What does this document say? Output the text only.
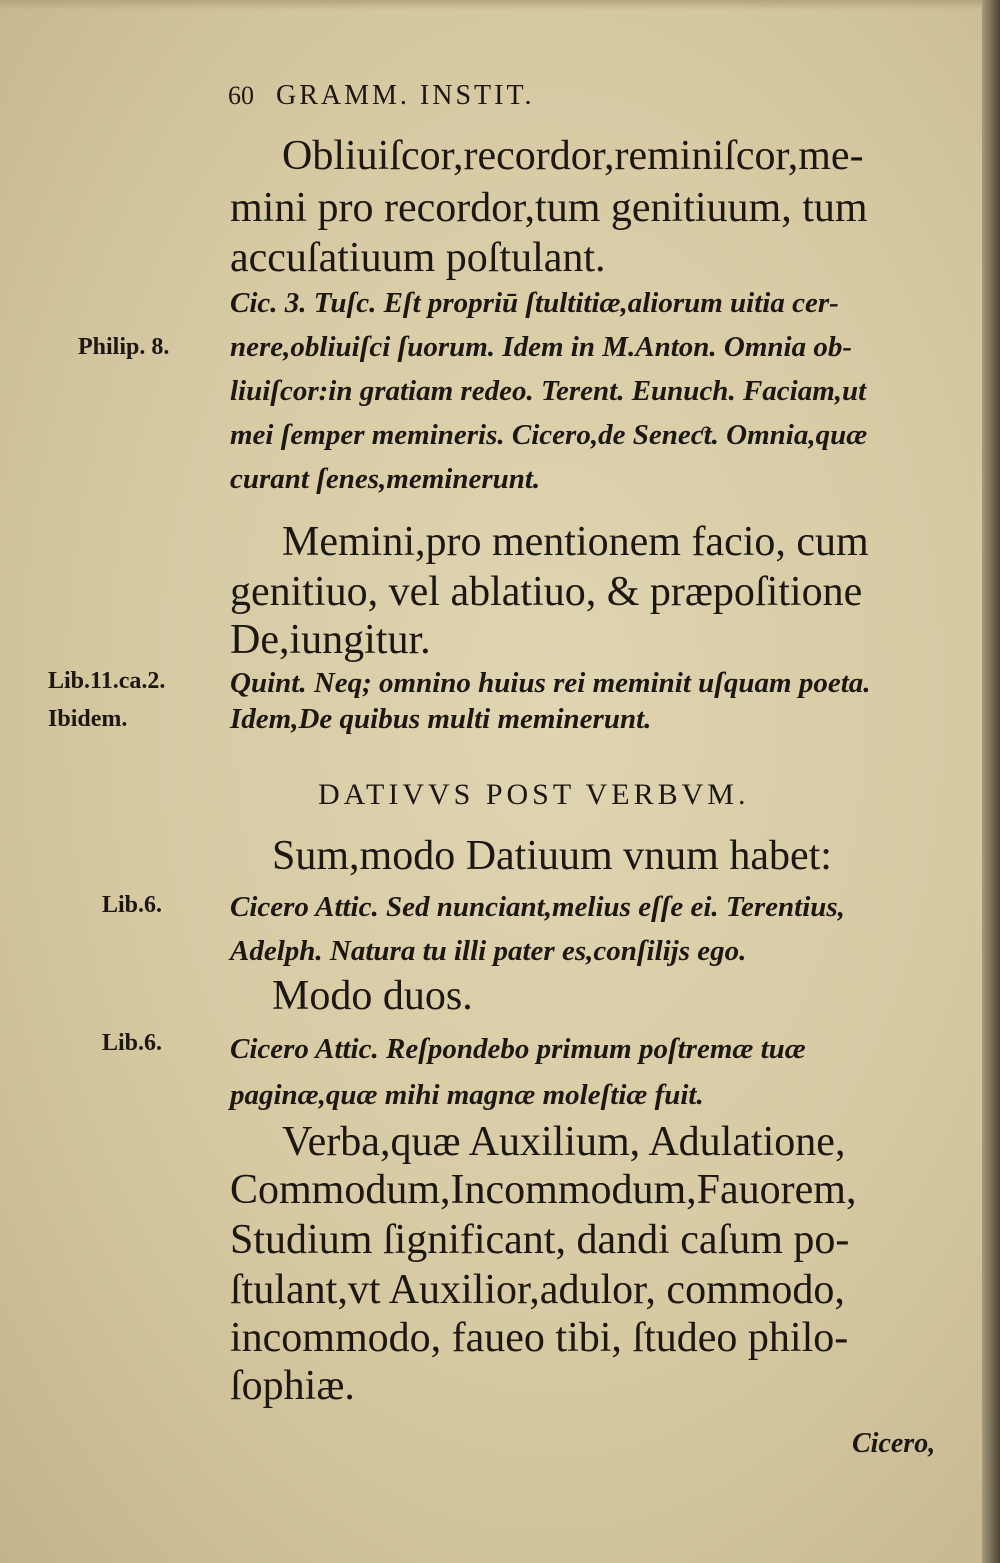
60 GRAMM. INSTIT.
Obliuiſcor,recordor,reminiſcor,me-
mini pro recordor,tum genitiuum, tum
accuſatiuum poſtulant.
Cic. 3. Tuſc. Eſt propriū ſtultitiæ,aliorum uitia cer-
nere,obliuiſci ſuorum. Idem in M.Anton. Omnia ob-
liuiſcor:in gratiam redeo. Terent. Eunuch. Faciam,ut
mei ſemper memineris. Cicero,de Seneƈt. Omnia,quæ
curant ſenes,meminerunt.
Memini,pro mentionem facio, cum
genitiuo, vel ablatiuo, & præpoſitione
De,iungitur.
Quint. Neq; omnino huius rei meminit uſquam poeta.
Idem,De quibus multi meminerunt.
DATIVVS POST VERBVM.
Sum,modo Datiuum vnum habet:
Cicero Attic. Sed nunciant,melius eſſe ei. Terentius,
Adelph. Natura tu illi pater es,conſilijs ego.
Modo duos.
Cicero Attic. Reſpondebo primum poſtremæ tuæ
paginæ,quæ mihi magnæ moleſtiæ fuit.
Verba,quæ Auxilium, Adulatione,
Commodum,Incommodum,Fauorem,
Studium ſignificant, dandi caſum po-
ſtulant,vt Auxilior,adulor, commodo,
incommodo, faueo tibi, ſtudeo philo-
ſophiæ.
Cicero,
Philip. 8.
Lib.11.ca.2.
Ibidem.
Lib.6.
Lib.6.
